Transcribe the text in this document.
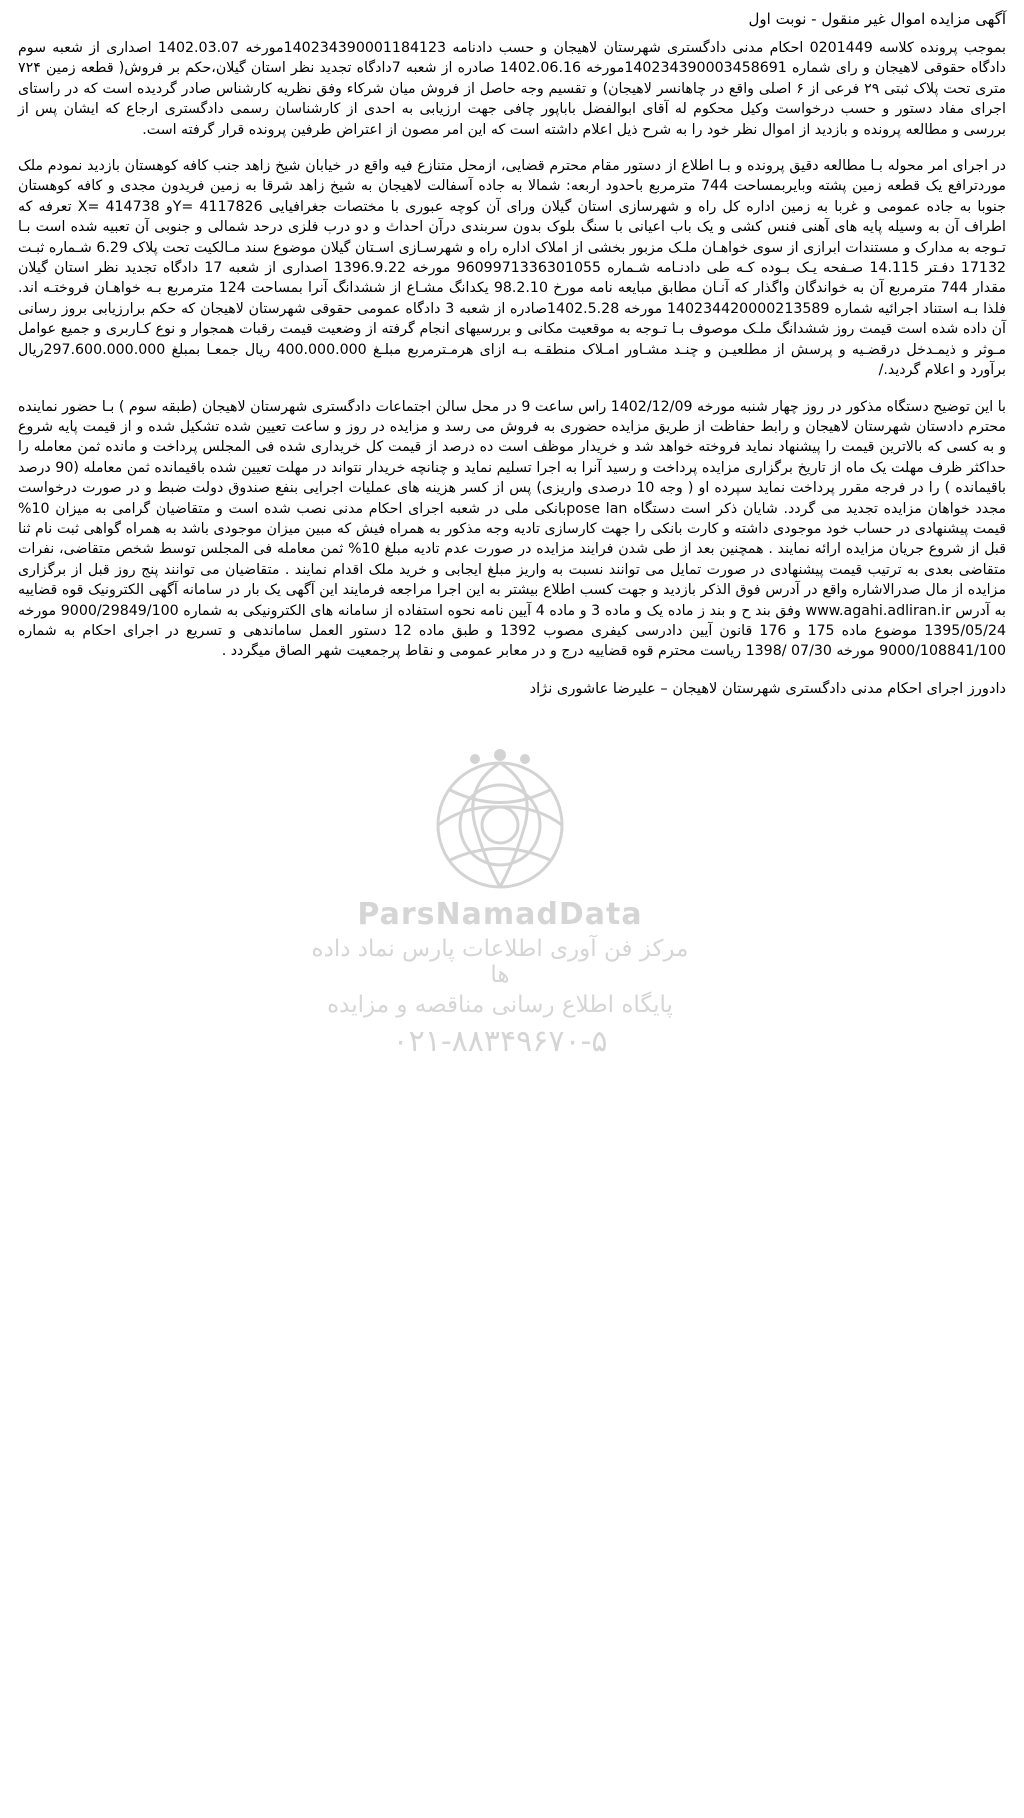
ParsNamadData
مرکز فن آوری اطلاعات پارس نماد داده ها
پایگاه اطلاع رسانی مناقصه و مزایده
۰۲۱-۸۸۳۴۹۶۷۰-۵
آگهی مزایده اموال غیر منقول - نوبت اول

بموجب پرونده کلاسه 0201449 احکام مدنی دادگستری شهرستان لاهیجان و حسب دادنامه 140234390001184123مورخه 1402.03.07 اصداری از شعبه سوم دادگاه حقوقی لاهیجان و رای شماره 140234390003458691مورخه 1402.06.16 صادره از شعبه 7دادگاه تجدید نظر استان گیلان،حکم بر فروش( قطعه زمین ۷۲۴ متری تحت پلاک ثبتی ۲۹ فرعی از ۶ اصلی واقع در چاهانسر لاهیجان) و تقسیم وجه حاصل از فروش میان شرکاء وفق نظریه کارشناس صادر گردیده است که در راستای اجرای مفاد دستور و حسب درخواست وکیل محکوم له آقای ابوالفضل باباپور چافی جهت ارزیابی به احدی از کارشناسان رسمی دادگستری ارجاع که ایشان پس از بررسی و مطالعه پرونده و بازدید از اموال نظر خود را به شرح ذیل اعلام داشته است که این امر مصون از اعتراض طرفین پرونده قرار گرفته است.

در اجرای امر محوله بـا مطالعه دقیق پرونده و بـا اطلاع از دستور مقام محترم قضایی، ازمحل متنازع فیه واقع در خیابان شیخ زاهد جنب کافه کوهستان بازدید نمودم ملک موردترافع یک قطعه زمین پشته وبایربمساحت 744 مترمربع باحدود اربعه: شمالا به جاده آسفالت لاهیجان به شیخ زاهد شرقا به زمین فریدون مجدی و کافه کوهستان جنوبا به جاده عمومی و غربا به زمین اداره کل راه و شهرسازی استان گیلان ورای آن کوچه عبوری با مختصات جغرافیایی 4117826 =Yو X= 414738 تعرفه که اطراف آن به وسیله پایه های آهنی فنس کشی و یک باب اعیانی با سنگ بلوک بدون سربندی درآن احداث و دو درب فلزی درحد شمالی و جنوبی آن تعبیه شده است بـا تـوجه به مدارک و مستندات ابرازی از سوی خواهـان ملـک مزبور بخشی از املاک اداره راه و شهرسـازی اسـتان گیلان موضوع سند مـالکیت تحت پلاک 6.29 شـماره ثبـت 17132 دفـتر 14.115 صـفحه یـک بـوده کـه طی دادنـامه شـماره 9609971336301055 مورخه 1396.9.22 اصداری از شعبه 17 دادگاه تجدید نظر استان گیلان مقدار 744 مترمربع آن به خواندگان واگذار که آنـان مطابق مبایعه نامه مورخ 98.2.10 یکدانگ مشـاع از ششدانگ آنرا بمساحت 124 مترمربع بـه خواهـان فروختـه اند. فلذا بـه استناد اجرائیه شماره 140234420000213589 مورخه 1402.5.28صادره از شعبه 3 دادگاه عمومی حقوقی شهرستان لاهیجان که حکم برارزیابی بروز رسانی آن داده شده است قیمت روز ششدانگ ملـک موصوف بـا تـوجه به موقعیت مکانی و بررسیهای انجام گرفته از وضعیت قیمت رقبات همجوار و نوع کـاربری و جمیع عوامل مـوثر و ذیمـدخل درقضـیه و پرسش از مطلعیـن و چنـد مشـاور امـلاک منطقـه بـه ازای هرمـترمربع مبلـغ 400.000.000 ریال جمعـا بمبلغ 297.600.000.000ریال برآورد و اعلام گردید./

با این توضیح دستگاه مذکور در روز چهار شنبه مورخه 1402/12/09 راس ساعت 9 در محل سالن اجتماعات دادگستری شهرستان لاهیجان (طبقه سوم ) بـا حضور نماینده محترم دادستان شهرستان لاهیجان و رابط حفاظت از طریق مزایده حضوری به فروش می رسد و مزایده در روز و ساعت تعیین شده تشکیل شده و از قیمت پایه شروع و به کسی که بالاترین قیمت را پیشنهاد نماید فروخته خواهد شد و خریدار موظف است ده درصد از قیمت کل خریداری شده فی المجلس پرداخت و مانده ثمن معامله را حداکثر ظرف مهلت یک ماه از تاریخ برگزاری مزایده پرداخت و رسید آنرا به اجرا تسلیم نماید و چنانچه خریدار نتواند در مهلت تعیین شده باقیمانده ثمن معامله (90 درصد باقیمانده ) را در فرجه مقرر پرداخت نماید سپرده او ( وجه 10 درصدی واریزی) پس از کسر هزینه های عملیات اجرایی بنفع صندوق دولت ضبط و در صورت درخواست مجدد خواهان مزایده تجدید می گردد. شایان ذکر است دستگاه pose lanبانکی ملی در شعبه اجرای احکام مدنی نصب شده است و متقاضیان گرامی به میزان 10% قیمت پیشنهادی در حساب خود موجودی داشته و کارت بانکی را جهت کارسازی تادیه وجه مذکور به همراه فیش که مبین میزان موجودی باشد به همراه گواهی ثبت نام ثنا قبل از شروع جریان مزایده ارائه نمایند . همچنین بعد از طی شدن فرایند مزایده در صورت عدم تادیه مبلغ 10% ثمن معامله فی المجلس توسط شخص متقاضی، نفرات متقاضی بعدی به ترتیب قیمت پیشنهادی در صورت تمایل می توانند نسبت به واریز مبلغ ایجابی و خرید ملک اقدام نمایند . متقاضیان می توانند پنج روز قبل از برگزاری مزایده از مال صدرالاشاره واقع در آدرس فوق الذکر بازدید و جهت کسب اطلاع بیشتر به این اجرا مراجعه فرمایند این آگهی یک بار در سامانه آگهی الکترونیک قوه قضاییه به آدرس www.agahi.adliran.ir وفق بند ح و بند ز ماده یک و ماده 3 و ماده 4 آیین نامه نحوه استفاده از سامانه های الکترونیکی به شماره 9000/29849/100 مورخه 1395/05/24 موضوع ماده 175 و 176 قانون آیین دادرسی کیفری مصوب 1392 و طبق ماده 12 دستور العمل ساماندهی و تسریع در اجرای احکام به شماره 9000/108841/100 مورخه 07/30 /1398 ریاست محترم قوه قضاییه درج و در معابر عمومی و نقاط پرجمعیت شهر الصاق میگردد .

دادورز اجرای احکام مدنی دادگستری شهرستان لاهیجان – علیرضا عاشوری نژاد
